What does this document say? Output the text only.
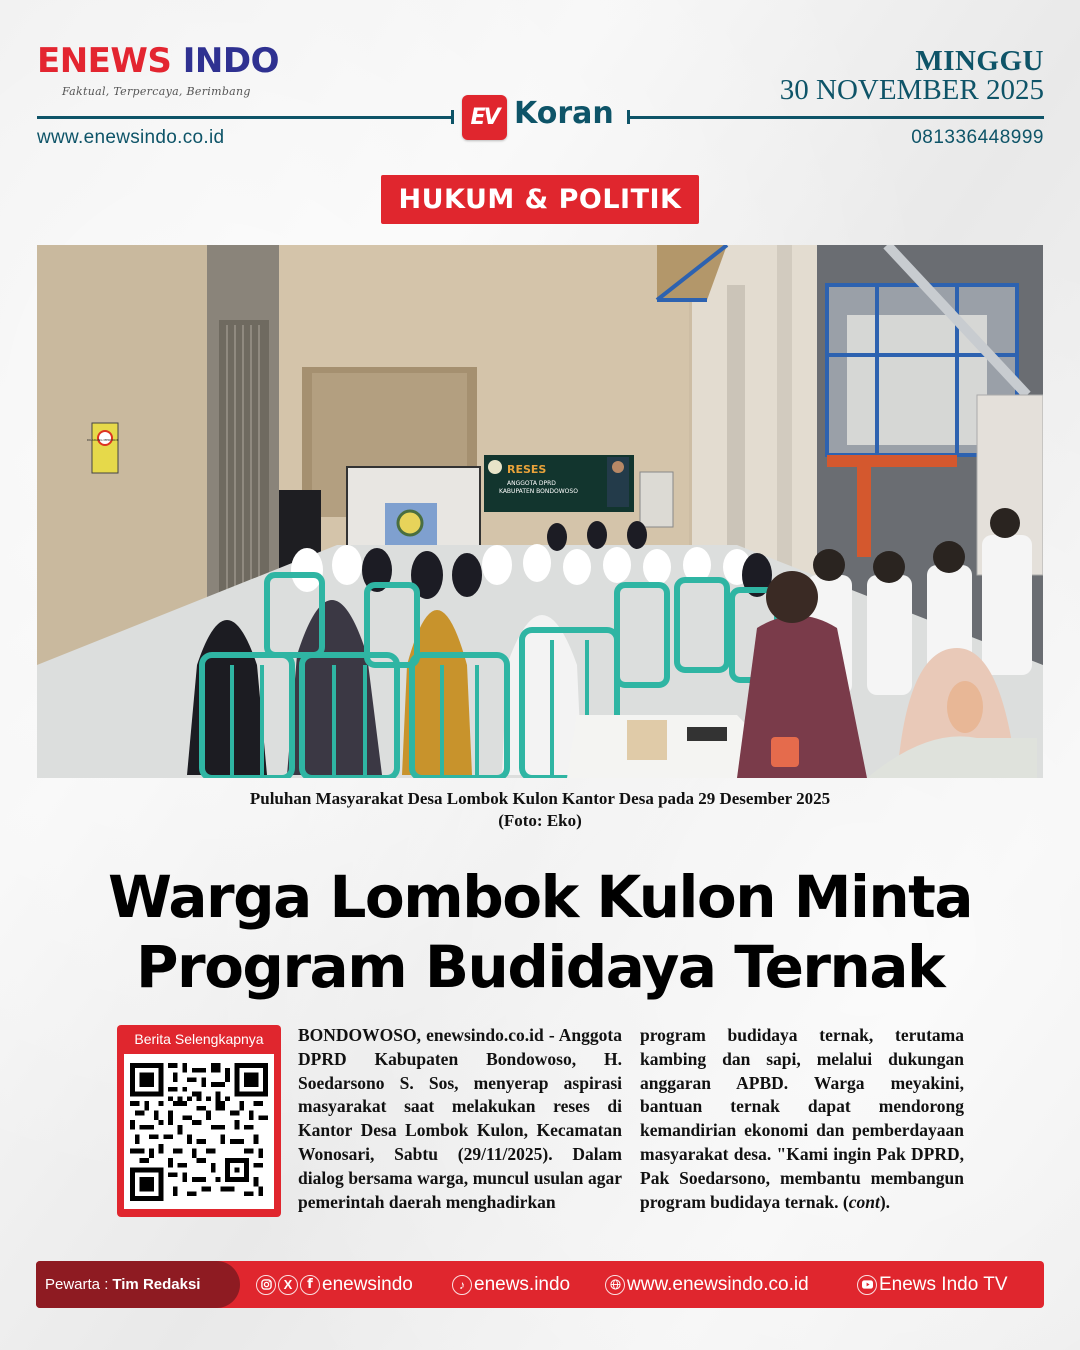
ENEWS INDO
Faktual, Terpercaya, Berimbang
MINGGU
30 NOVEMBER 2025
EV Koran
www.enewsindo.co.id	081336448999
HUKUM & POLITIK
RESES
ANGGOTA DPRD
KABUPATEN BONDOWOSO
DILARANG MEROKOK
Puluhan Masyarakat Desa Lombok Kulon Kantor Desa pada 29 Desember 2025
(Foto: Eko)
Warga Lombok Kulon Minta
Program Budidaya Ternak
Berita Selengkapnya	BONDOWOSO, enewsindo.co.id - Anggota DPRD Kabupaten Bondowoso, H. Soedarsono S. Sos, menyerap aspirasi masyarakat saat melakukan reses di Kantor Desa Lombok Kulon, Kecamatan Wonosari, Sabtu (29/11/2025). Dalam dialog bersama warga, muncul usulan agar pemerintah daerah menghadirkan
program budidaya ternak, terutama kambing dan sapi, melalui dukungan anggaran APBD. Warga meyakini, bantuan ternak dapat mendorong kemandirian ekonomi dan pemberdayaan masyarakat desa. "Kami ingin Pak DPRD, Pak Soedarsono, membantu membangun program budidaya ternak. (cont).
Pewarta : Tim Redaksi	X	f enewsindo	♪ enews.indo	www.enewsindo.co.id	Enews Indo TV
